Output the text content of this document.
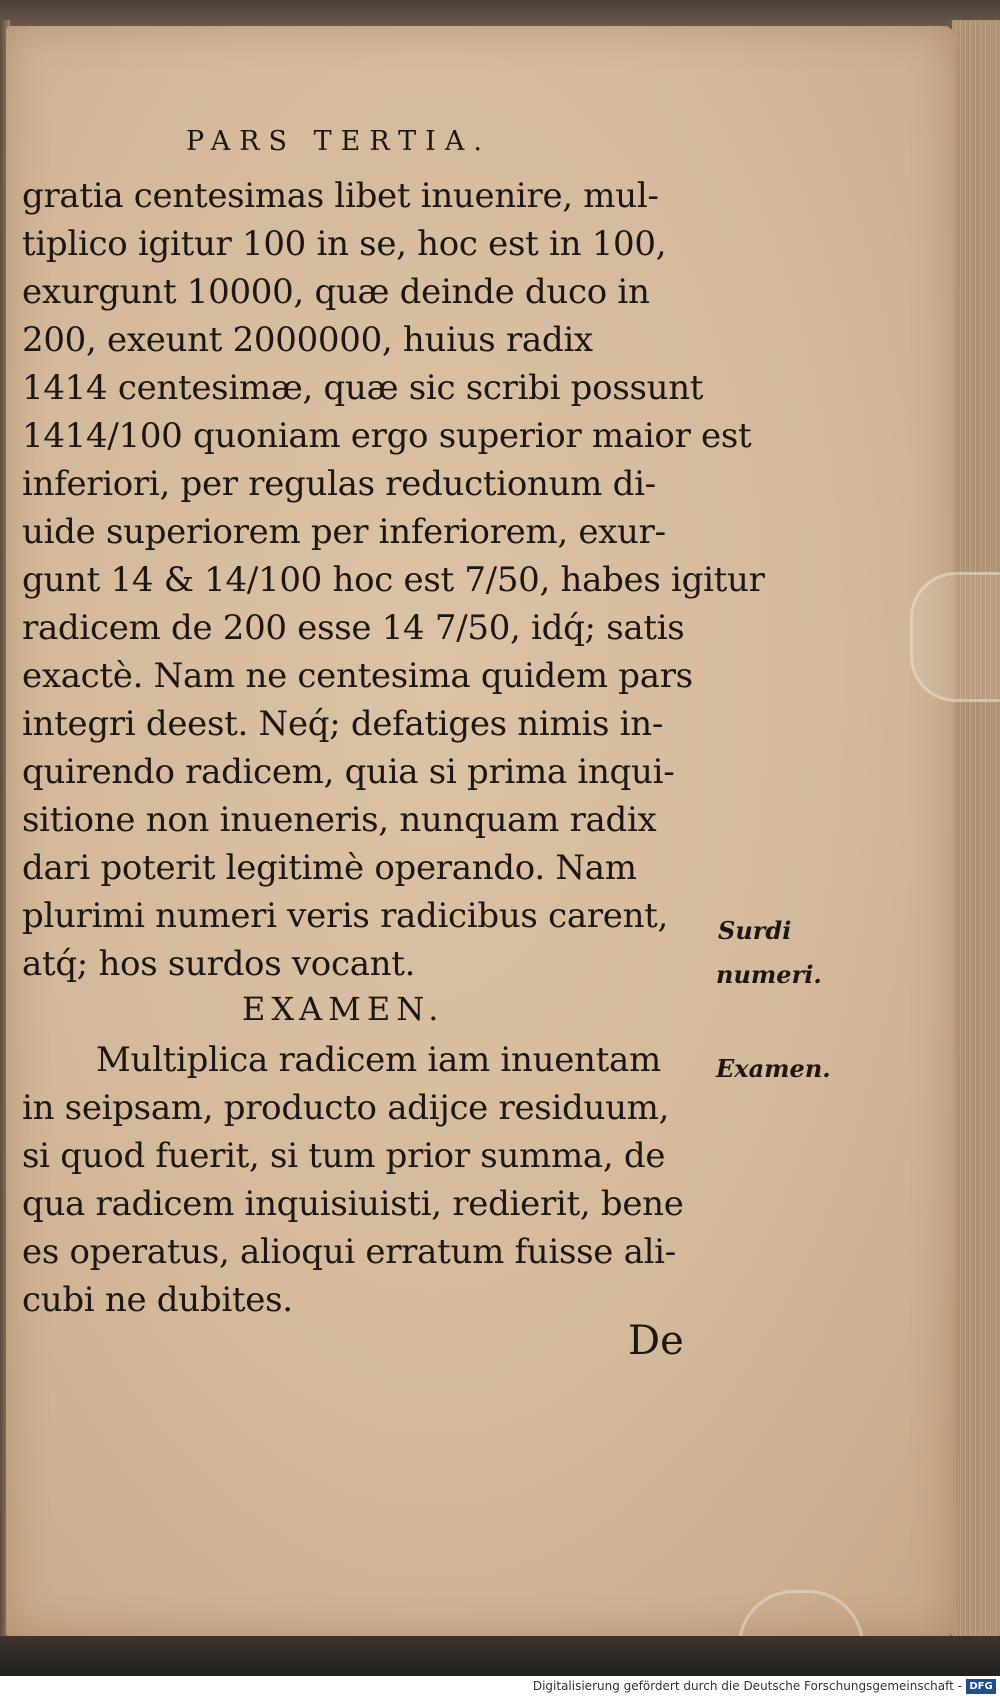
PARS TERTIA.
gratia centesimas libet inuenire, mul-
tiplico igitur 100 in se, hoc est in 100,
exurgunt 10000, quæ deinde duco in
200, exeunt 2000000, huius radix
1414 centesimæ, quæ sic scribi possunt
1414/100 quoniam ergo superior maior est
inferiori, per regulas reductionum di-
uide superiorem per inferiorem, exur-
gunt 14 & 14/100 hoc est 7/50, habes igitur
radicem de 200 esse 14 7/50, idq́; satis
exactè. Nam ne centesima quidem pars
integri deest. Neq́; defatiges nimis in-
quirendo radicem, quia si prima inqui-
sitione non inueneris, nunquam radix
dari poterit legitimè operando. Nam
plurimi numeri veris radicibus carent,
atq́; hos surdos vocant.
EXAMEN.
Multiplica radicem iam inuentam
in seipsam, producto adijce residuum,
si quod fuerit, si tum prior summa, de
qua radicem inquisiuisti, redierit, bene
es operatus, alioqui erratum fuisse ali-
cubi ne dubites.
Surdi
numeri.
Examen.
De
Digitalisierung gefördert durch die Deutsche Forschungsgemeinschaft - DFG
